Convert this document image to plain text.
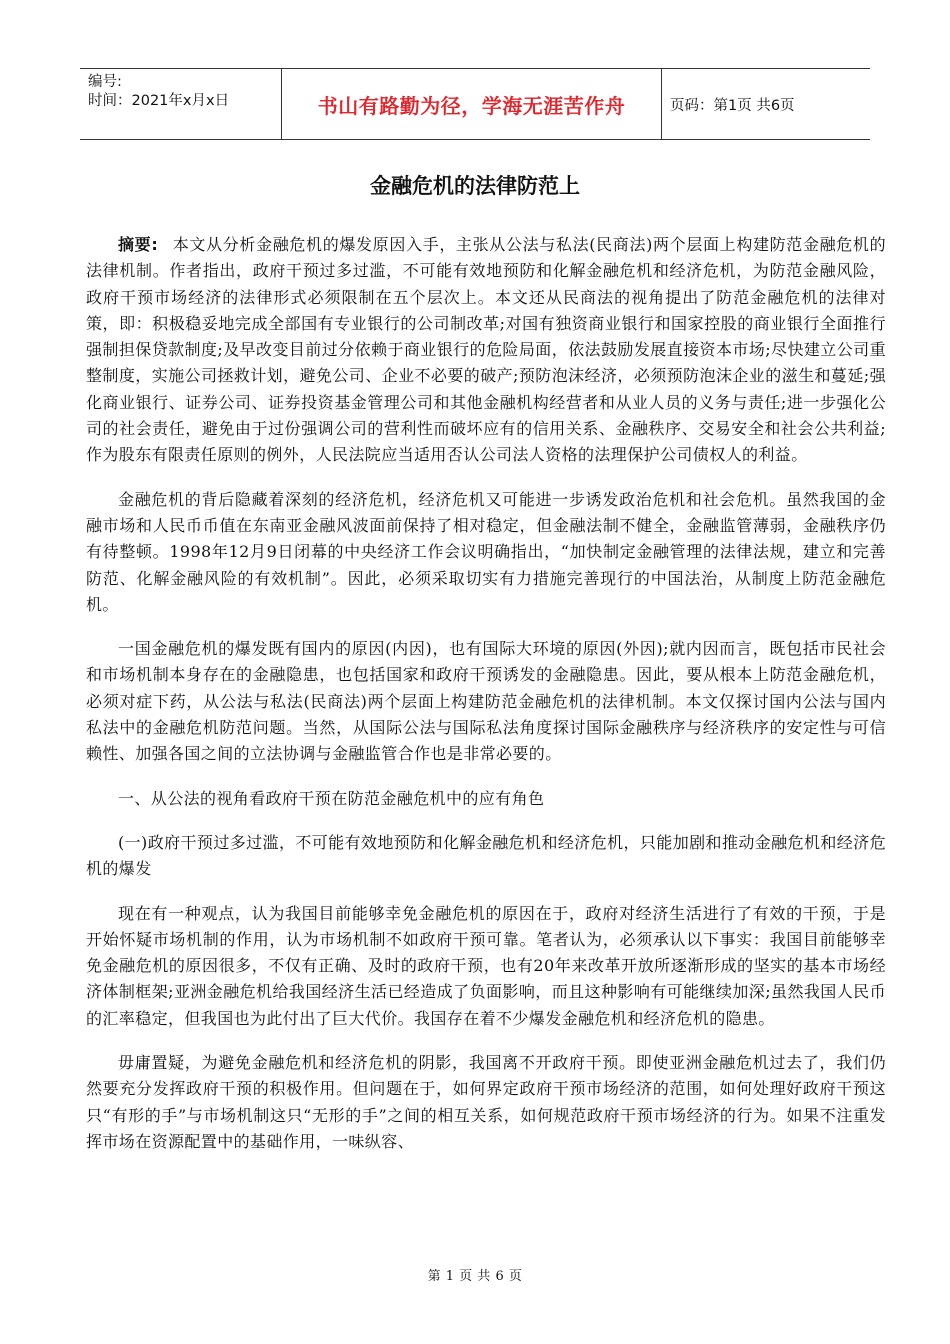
编号:
时间：2021年x月x日	书山有路勤为径，学海无涯苦作舟	页码：第1页 共6页
金融危机的法律防范上

摘要: 本文从分析金融危机的爆发原因入手，主张从公法与私法(民商法)两个层面上构建防范金融危机的法律机制。作者指出，政府干预过多过滥，不可能有效地预防和化解金融危机和经济危机，为防范金融风险，政府干预市场经济的法律形式必须限制在五个层次上。本文还从民商法的视角提出了防范金融危机的法律对策，即：积极稳妥地完成全部国有专业银行的公司制改革;对国有独资商业银行和国家控股的商业银行全面推行强制担保贷款制度;及早改变目前过分依赖于商业银行的危险局面，依法鼓励发展直接资本市场;尽快建立公司重整制度，实施公司拯救计划，避免公司、企业不必要的破产;预防泡沫经济，必须预防泡沫企业的滋生和蔓延;强化商业银行、证券公司、证券投资基金管理公司和其他金融机构经营者和从业人员的义务与责任;进一步强化公司的社会责任，避免由于过份强调公司的营利性而破坏应有的信用关系、金融秩序、交易安全和社会公共利益;作为股东有限责任原则的例外，人民法院应当适用否认公司法人资格的法理保护公司债权人的利益。

金融危机的背后隐藏着深刻的经济危机，经济危机又可能进一步诱发政治危机和社会危机。虽然我国的金融市场和人民币币值在东南亚金融风波面前保持了相对稳定，但金融法制不健全，金融监管薄弱，金融秩序仍有待整顿。1998年12月9日闭幕的中央经济工作会议明确指出，“加快制定金融管理的法律法规，建立和完善防范、化解金融风险的有效机制”。因此，必须采取切实有力措施完善现行的中国法治，从制度上防范金融危机。

一国金融危机的爆发既有国内的原因(内因)，也有国际大环境的原因(外因);就内因而言，既包括市民社会和市场机制本身存在的金融隐患，也包括国家和政府干预诱发的金融隐患。因此，要从根本上防范金融危机，必须对症下药，从公法与私法(民商法)两个层面上构建防范金融危机的法律机制。本文仅探讨国内公法与国内私法中的金融危机防范问题。当然，从国际公法与国际私法角度探讨国际金融秩序与经济秩序的安定性与可信赖性、加强各国之间的立法协调与金融监管合作也是非常必要的。

一、从公法的视角看政府干预在防范金融危机中的应有角色

(一)政府干预过多过滥，不可能有效地预防和化解金融危机和经济危机，只能加剧和推动金融危机和经济危机的爆发

现在有一种观点，认为我国目前能够幸免金融危机的原因在于，政府对经济生活进行了有效的干预，于是开始怀疑市场机制的作用，认为市场机制不如政府干预可靠。笔者认为，必须承认以下事实：我国目前能够幸免金融危机的原因很多，不仅有正确、及时的政府干预，也有20年来改革开放所逐渐形成的坚实的基本市场经济体制框架;亚洲金融危机给我国经济生活已经造成了负面影响，而且这种影响有可能继续加深;虽然我国人民币的汇率稳定，但我国也为此付出了巨大代价。我国存在着不少爆发金融危机和经济危机的隐患。

毋庸置疑，为避免金融危机和经济危机的阴影，我国离不开政府干预。即使亚洲金融危机过去了，我们仍然要充分发挥政府干预的积极作用。但问题在于，如何界定政府干预市场经济的范围，如何处理好政府干预这只“有形的手”与市场机制这只“无形的手”之间的相互关系，如何规范政府干预市场经济的行为。如果不注重发挥市场在资源配置中的基础作用，一味纵容、

第 1 页 共 6 页
